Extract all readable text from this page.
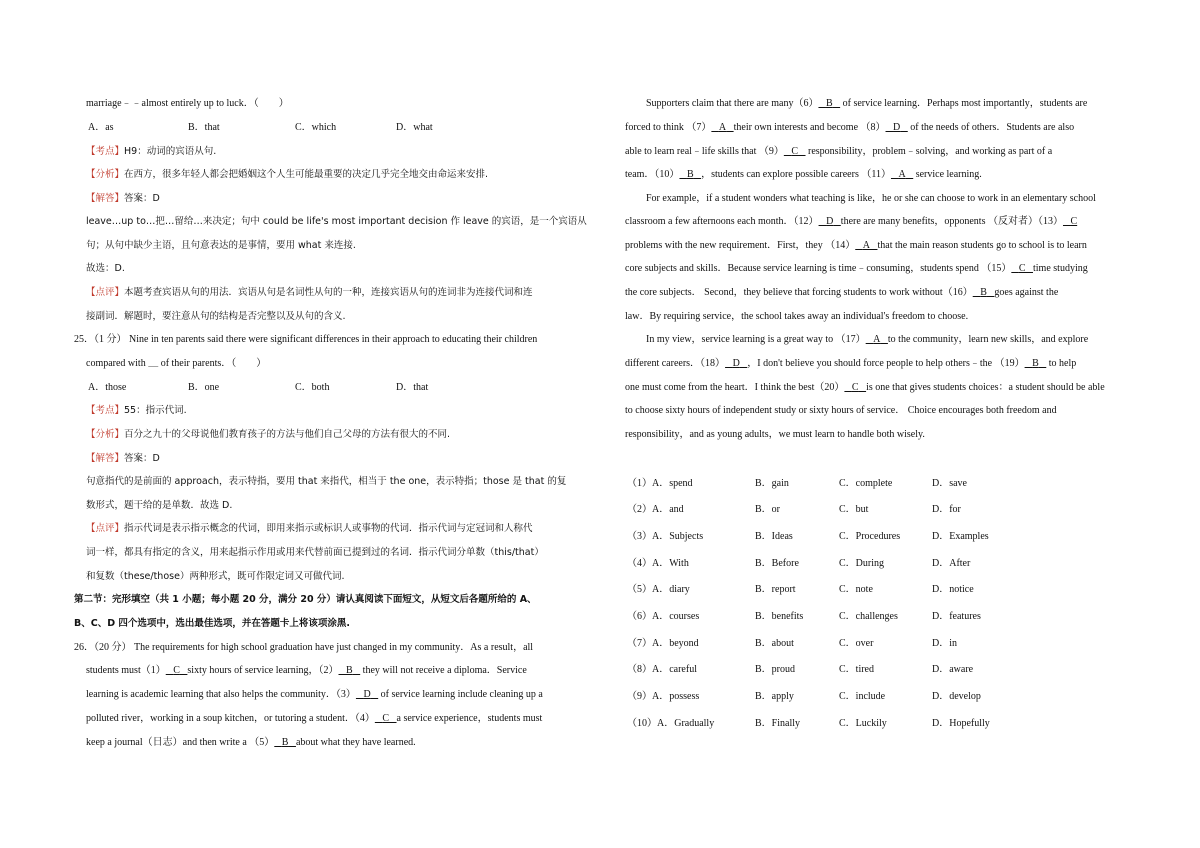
marriage﹣﹣almost entirely up to luck．（　　）
A．as	B．that	C．which	D．what
【考点】H9：动词的宾语从句.
【分析】在西方，很多年轻人都会把婚姻这个人生可能最重要的决定几乎完全地交由命运来安排.
【解答】答案：D
leave…up to…把…留给…来决定；句中 could be life's most important decision 作 leave 的宾语，是一个宾语从
句；从句中缺少主语，且句意表达的是事情，要用 what 来连接.
故选：D.
【点评】本题考查宾语从句的用法．宾语从句是名词性从句的一种，连接宾语从句的连词非为连接代词和连
接副词．解题时，要注意从句的结构是否完整以及从句的含义.
25．（1 分） Nine in ten parents said there were significant differences in their approach to educating their children
compared with ＿ of their parents．（　　）
A．those	B．one	C．both	D．that
【考点】55：指示代词.
【分析】百分之九十的父母说他们教育孩子的方法与他们自己父母的方法有很大的不同.
【解答】答案：D
句意指代的是前面的 approach，表示特指，要用 that 来指代，相当于 the one，表示特指；those 是 that 的复
数形式，题干给的是单数．故选 D.
【点评】指示代词是表示指示概念的代词，即用来指示或标识人或事物的代词．指示代词与定冠词和人称代
词一样，都具有指定的含义，用来起指示作用或用来代替前面已提到过的名词．指示代词分单数（this/that）
和复数（these/those）两种形式，既可作限定词又可做代词.
第二节：完形填空（共 1 小题；每小题 20 分，满分 20 分）请认真阅读下面短文，从短文后各题所给的 A、
B、C、D 四个选项中，选出最佳选项，并在答题卡上将该项涂黑.
26．（20 分） The requirements for high school graduation have just changed in my community．As a result，all
students must（1） C sixty hours of service learning，（2） B    they will not receive a diploma．Service
learning is academic learning that also helps the community．（3） D    of service learning include cleaning up a
polluted river，working in a soup kitchen，or tutoring a student．（4） C a service experience，students must
keep a journal（日志）and then write a （5） B about what they have learned.
Supporters claim that there are many（6） B    of service learning．Perhaps most importantly，students are
forced to think （7） A their own interests and become （8） D    of the needs of others．Students are also
able to learn real﹣life skills that （9） C    responsibility，problem﹣solving，and working as part of a
team．（10） B ，students can explore possible careers （11） A    service learning.
For example，if a student wonders what teaching is like，he or she can choose to work in an elementary school
classroom a few afternoons each month．（12） D there are many benefits，opponents （反对者）（13） C
problems with the new requirement．First，they （14） A that the main reason students go to school is to learn
core subjects and skills．Because service learning is time﹣consuming，students spend （15） C time studying
the core subjects． Second，they believe that forcing students to work without（16） B goes against the
law．By requiring service，the school takes away an individual's freedom to choose.
In my view，service learning is a great way to （17） A to the community，learn new skills，and explore
different careers．（18） D ，I don't believe you should force people to help others﹣the （19） B    to help
one must come from the heart．I think the best（20） C is one that gives students choices：a student should be able
to choose sixty hours of independent study or sixty hours of service． Choice encourages both freedom and
responsibility，and as young adults，we must learn to handle both wisely.
（1）A．spend	B．gain	C．complete	D．save
（2）A．and	B．or	C．but	D．for
（3）A．Subjects	B．Ideas	C．Procedures	D．Examples
（4）A．With	B．Before	C．During	D．After
（5）A．diary	B．report	C．note	D．notice
（6）A．courses	B．benefits	C．challenges	D．features
（7）A．beyond	B．about	C．over	D．in
（8）A．careful	B．proud	C．tired	D．aware
（9）A．possess	B．apply	C．include	D．develop
（10）A．Gradually	B．Finally	C．Luckily	D．Hopefully
